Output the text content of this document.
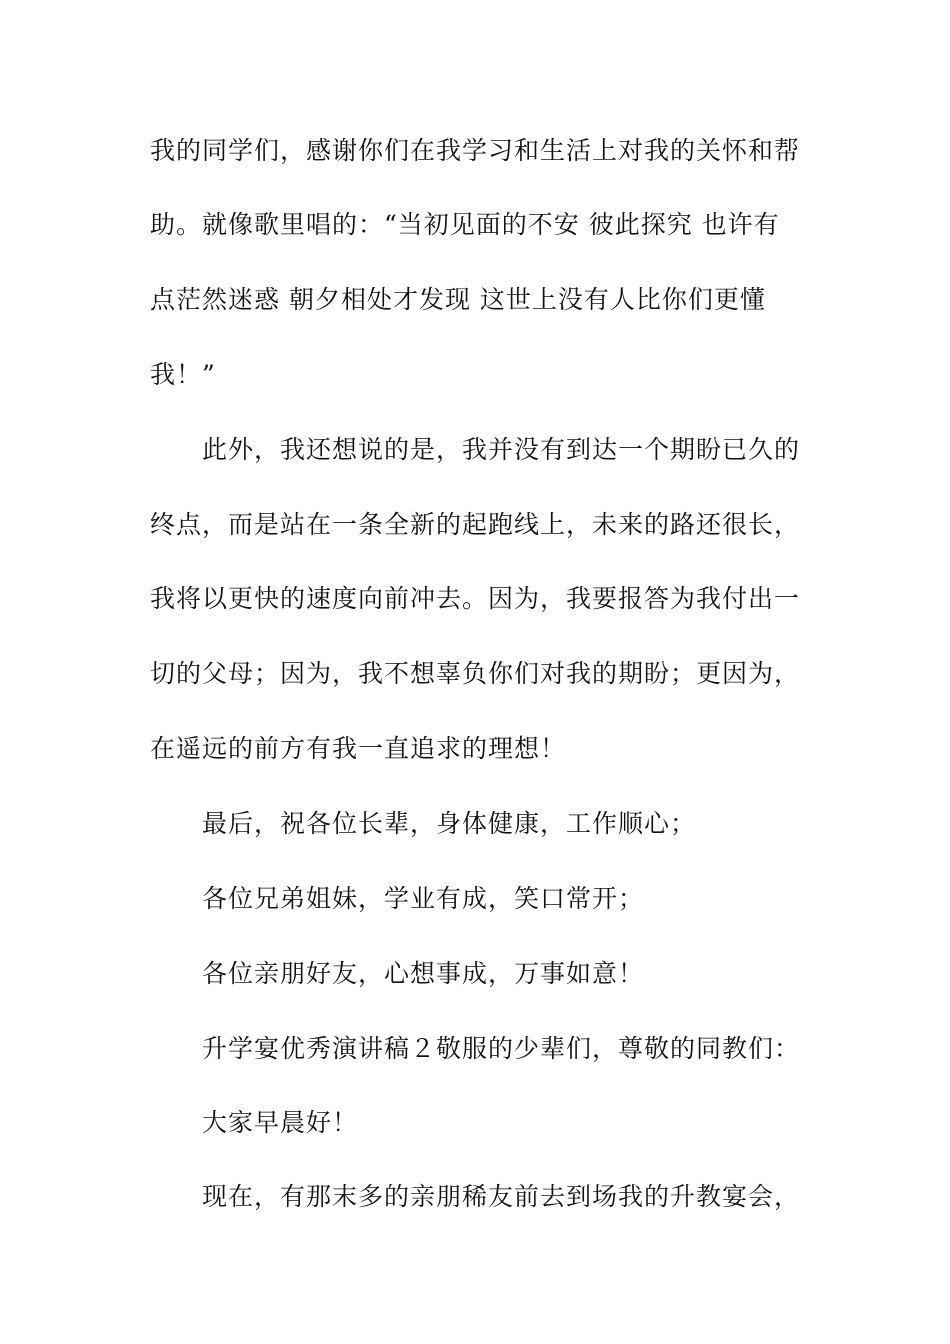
我的同学们，感谢你们在我学习和生活上对我的关怀和帮
助。就像歌里唱的：“当初见面的不安 彼此探究 也许有
点茫然迷惑 朝夕相处才发现 这世上没有人比你们更懂
我！”
此外，我还想说的是，我并没有到达一个期盼已久的
终点，而是站在一条全新的起跑线上，未来的路还很长，
我将以更快的速度向前冲去。因为，我要报答为我付出一
切的父母；因为，我不想辜负你们对我的期盼；更因为，
在遥远的前方有我一直追求的理想！
最后，祝各位长辈，身体健康，工作顺心；
各位兄弟姐妹，学业有成，笑口常开；
各位亲朋好友，心想事成，万事如意！
升学宴优秀演讲稿２敬服的少辈们，尊敬的同教们：
大家早晨好！
现在，有那末多的亲朋稀友前去到场我的升教宴会，
